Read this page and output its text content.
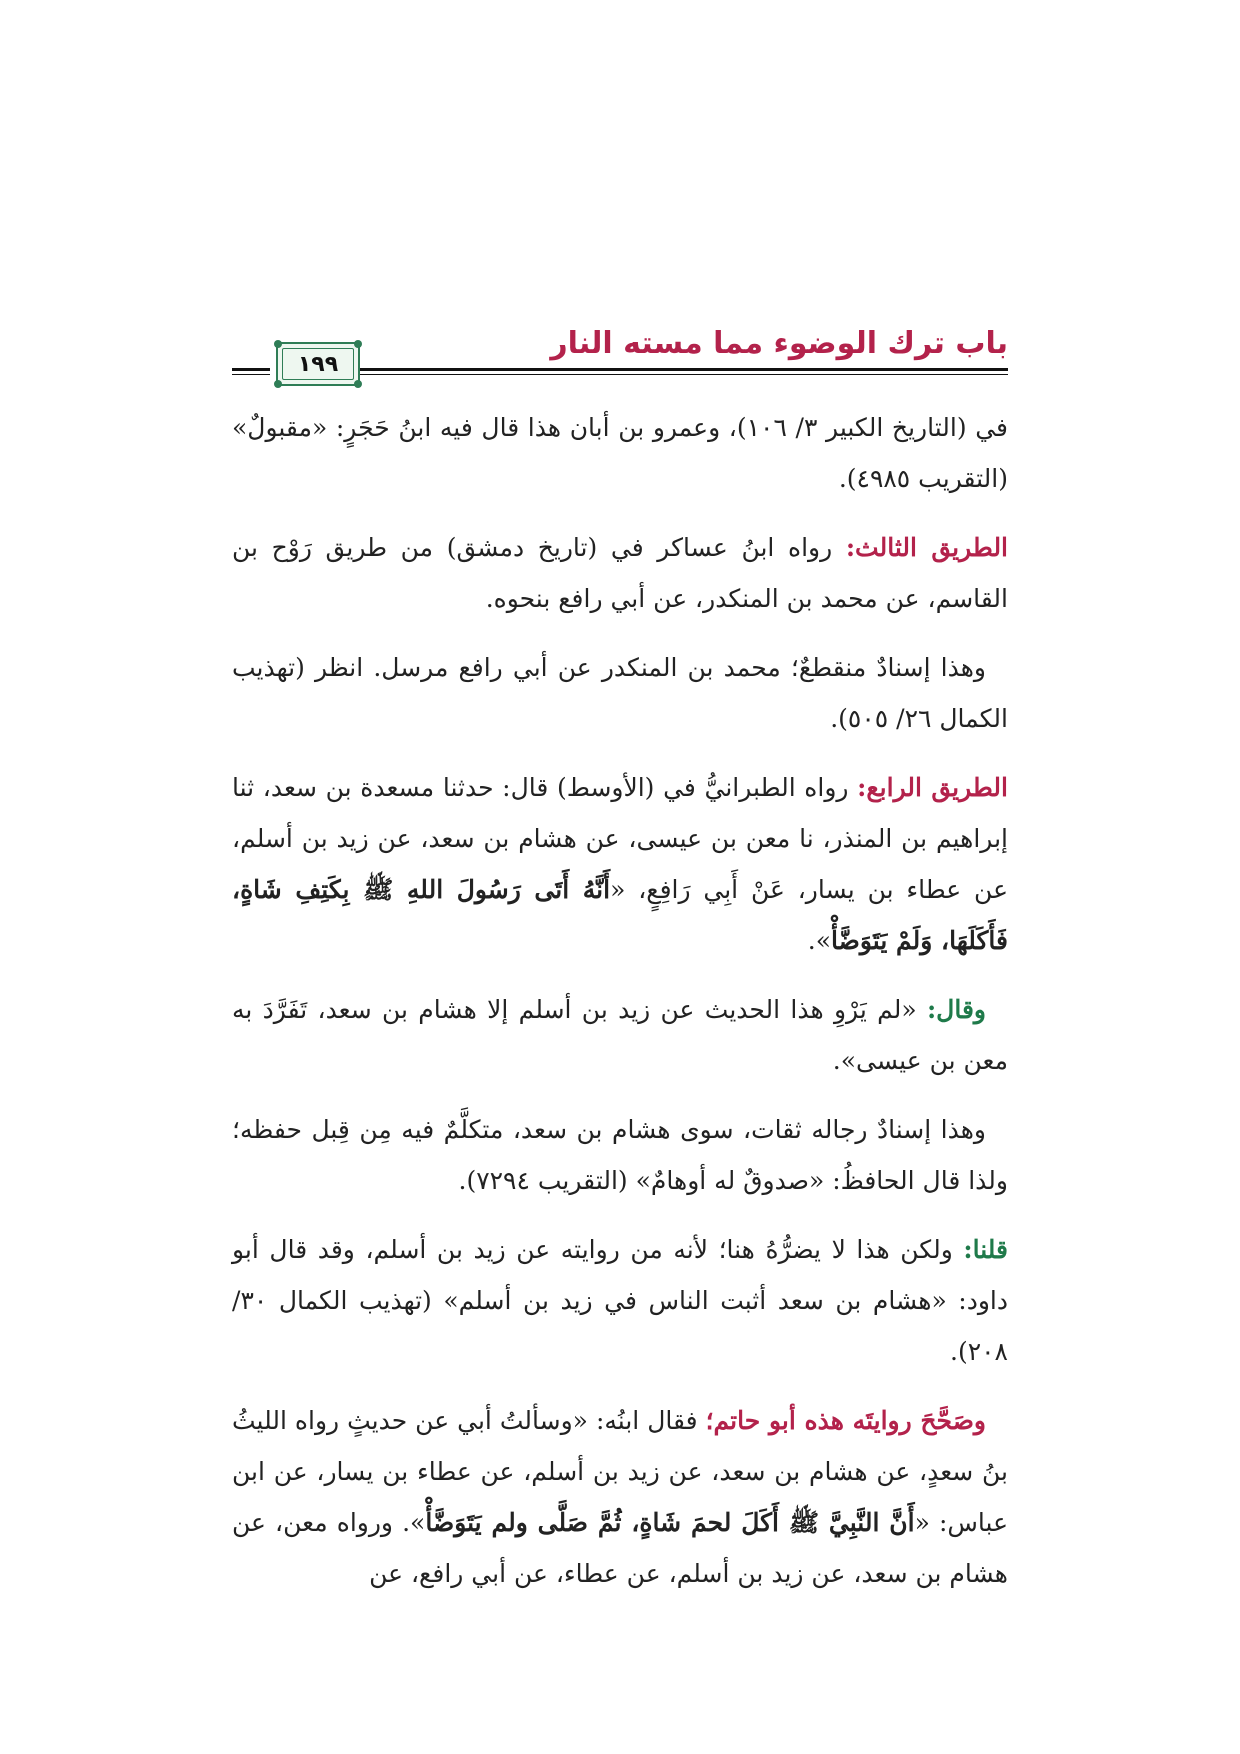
باب ترك الوضوء مما مسته النار
١٩٩

في (التاريخ الكبير ٣/ ١٠٦)، وعمرو بن أبان هذا قال فيه ابنُ حَجَرٍ: «مقبولٌ» (التقريب ٤٩٨٥).

الطريق الثالث: رواه ابنُ عساكر في (تاريخ دمشق) من طريق رَوْح بن القاسم، عن محمد بن المنكدر، عن أبي رافع بنحوه.

وهذا إسنادٌ منقطعٌ؛ محمد بن المنكدر عن أبي رافع مرسل. انظر (تهذيب الكمال ٢٦/ ٥٠٥).

الطريق الرابع: رواه الطبرانيُّ في (الأوسط) قال: حدثنا مسعدة بن سعد، ثنا إبراهيم بن المنذر، نا معن بن عيسى، عن هشام بن سعد، عن زيد بن أسلم، عن عطاء بن يسار، عَنْ أَبِي رَافِعٍ، «أَنَّهُ أَتَى رَسُولَ اللهِ ﷺ بِكَتِفِ شَاةٍ، فَأَكَلَهَا، وَلَمْ يَتَوَضَّأْ».

وقال: «لم يَرْوِ هذا الحديث عن زيد بن أسلم إلا هشام بن سعد، تَفَرَّدَ به معن بن عيسى».

وهذا إسنادٌ رجاله ثقات، سوى هشام بن سعد، متكلَّمٌ فيه مِن قِبل حفظه؛ ولذا قال الحافظُ: «صدوقٌ له أوهامٌ» (التقريب ٧٢٩٤).

قلنا: ولكن هذا لا يضرُّهُ هنا؛ لأنه من روايته عن زيد بن أسلم، وقد قال أبو داود: «هشام بن سعد أثبت الناس في زيد بن أسلم» (تهذيب الكمال ٣٠/ ٢٠٨).

وصَحَّحَ روايتَه هذه أبو حاتم؛ فقال ابنُه: «وسألتُ أبي عن حديثٍ رواه الليثُ بنُ سعدٍ، عن هشام بن سعد، عن زيد بن أسلم، عن عطاء بن يسار، عن ابن عباس: «أَنَّ النَّبِيَّ ﷺ أَكَلَ لحمَ شَاةٍ، ثُمَّ صَلَّى ولم يَتَوَضَّأْ». ورواه معن، عن هشام بن سعد، عن زيد بن أسلم، عن عطاء، عن أبي رافع، عن
